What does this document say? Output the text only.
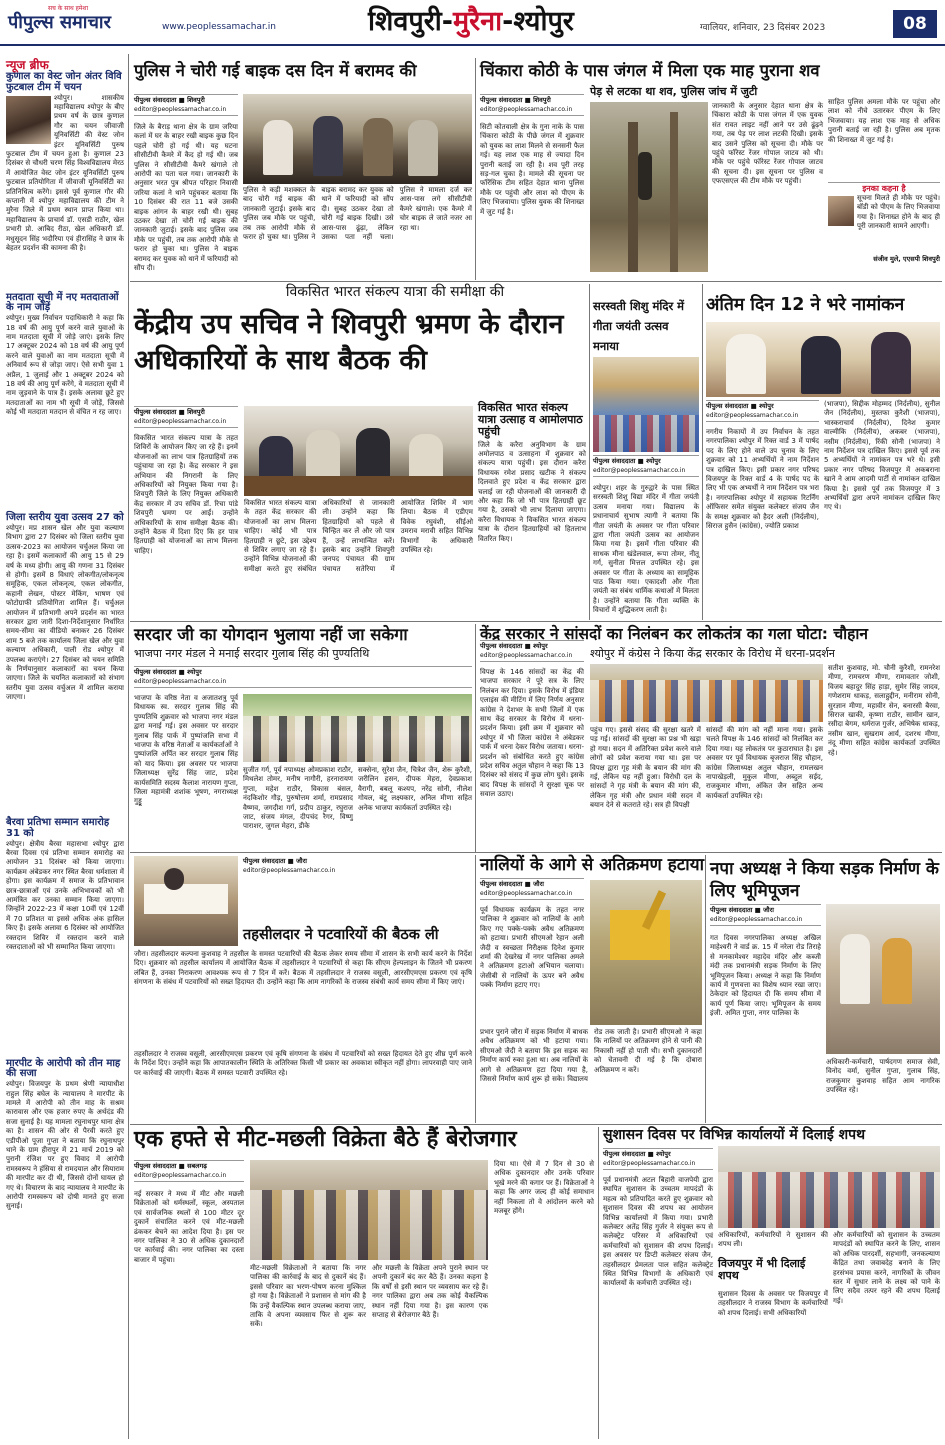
सच के साथ हमेशा
पीपुल्स समाचार	www.peoplessamachar.in	शिवपुरी-मुरैना-श्योपुर	ग्वालियर, शनिवार, 23 दिसंबर 2023	08
न्यूज ब्रीफ
कुणाल का वेस्ट जोन अंतर विवि फुटबाल टीम में चयन
श्योपुर। शासकीय महाविद्यालय श्योपुर के बीए प्रथम वर्ष के छात्र कुणाल गौर का चयन जीवाजी यूनिवर्सिटी की वेस्ट जोन इंटर यूनिवर्सिटी पुरुष फुटबाल टीम में चयन हुआ है। कुणाल 23 दिसंबर से चौधरी चरण सिंह विश्वविद्यालय मेरठ में आयोजित वेस्ट जोन इंटर यूनिवर्सिटी पुरुष फुटबाल प्रतियोगिता में जीवाजी यूनिवर्सिटी का प्रतिनिधित्व करेंगे। इससे पूर्व कुणाल गौर की कप्तानी में श्योपुर महाविद्यालय की टीम ने मुरैना जिले में प्रथम स्थान प्राप्त किया था। महाविद्यालय के प्राचार्य डॉ. एसडी राठौर, खेल प्रभारी प्रो. आबिद रीठा, खेल अधिकारी डॉ. मधुसूदन सिंह भदौरिया एवं हीरासिंह ने छात्र के बेहतर प्रदर्शन की कामना की है।
मतदाता सूची में नए मतदाताओं के नाम जोड़ें
श्योपुर। मुख्य निर्वाचन पदाधिकारी ने कहा कि 18 वर्ष की आयु पूर्ण करने वाले युवाओं के नाम मतदाता सूची में जोड़े जाएं। इसके लिए 17 अक्टूबर 2024 को 18 वर्ष की आयु पूर्ण करने वाले युवाओं का नाम मतदाता सूची में अनिवार्य रूप से जोड़ा जाए। ऐसे सभी युवा 1 अप्रैल, 1 जुलाई और 1 अक्टूबर 2024 को 18 वर्ष की आयु पूर्ण करेंगे, वे मतदाता सूची में नाम जुड़वाने के पात्र हैं। इसके अलावा छूटे हुए मतदाताओं का नाम भी सूची में जोड़ें, जिससे कोई भी मतदाता मतदान से वंचित न रह जाए।
जिला स्तरीय युवा उत्सव 27 को
श्योपुर। मप्र शासन खेल और युवा कल्याण विभाग द्वारा 27 दिसंबर को जिला स्तरीय युवा उत्सव-2023 का आयोजन चर्चुअल किया जा रहा है। इसमें कलाकारों की आयु 15 से 29 वर्ष के मध्य होगी। आयु की गणना 31 दिसंबर से होगी। इसमें 8 विधाएं लोकगीत/लोकनृत्य समूहिक, एकल लोकनृत्य, एकल लोकगीत, कहानी लेखन, पोस्टर मेकिंग, भाषण एवं फोटोग्राफी प्रतियोगिता शामिल हैं। चर्चुअल आयोजन में प्रतिभागी अपने प्रदर्शन का भारत सरकार द्वारा जारी दिशा-निर्देशानुसार निर्धारित समय-सीमा का वीडियो बनाकर 26 दिसंबर शाम 5 बजे तक कार्यालय जिला खेल और युवा कल्याण अधिकारी, पाली रोड श्योपुर में उपलब्ध कराएंगे। 27 दिसंबर को चयन समिति के निर्णयानुसार कलाकारों का चयन किया जाएगा। जिले के चयनित कलाकारों को संभाग स्तरीय युवा उत्सव वर्चुअल में शामिल कराया जाएगा।
बैरवा प्रतिभा सम्मान समारोह 31 को
श्योपुर। क्षेत्रीय बैरवा महासभा श्योपुर द्वारा बैरवा दिवस एवं प्रतिभा सम्मान समारोह का आयोजन 31 दिसंबर को किया जाएगा। कार्यक्रम अंबेडकर नगर स्थित बैरवा धर्मशाला में होगा। इस कार्यक्रम में समाज के प्रतिभावान छात्र-छात्राओं एवं उनके अभिभावकों को भी आमंत्रित कर उनका सम्मान किया जाएगा। जिन्होंने 2022-23 में कक्षा 10वीं एवं 12वीं में 70 प्रतिशत या इससे अधिक अंक हासिल किए हैं। इसके अलावा 6 दिसंबर को आयोजित रक्तदान शिविर में रक्तदान करने वाले रक्तदाताओं को भी सम्मानित किया जाएगा।
मारपीट के आरोपी को तीन माह की सजा
श्योपुर। विजयपुर के प्रथम श्रेणी न्यायाधीश राहुल सिंह बघेल के न्यायालय ने मारपीट के मामले में आरोपी को तीन माह के सश्रम कारावास और एक हजार रुपए के अर्थदंड की सजा सुनाई है। यह मामला रघुनाथपुर थाना क्षेत्र का है। शासन की ओर से पैरवी करते हुए एडीपीओ पूजा गुप्ता ने बताया कि रघुनाथपुर थाने के ग्राम हीरापुर में 21 मार्च 2019 को पुरानी रंजिश पर हुए विवाद में आरोपी रामस्वरूप ने हंसिया से रामदयाल और सियाराम की मारपीट कर दी थी, जिससे दोनों घायल हो गए थे। विचारण के बाद न्यायालय ने मारपीट के आरोपी रामस्वरूप को दोषी मानते हुए सजा सुनाई।
पुलिस ने चोरी गई बाइक दस दिन में बरामद की
पीपुल्स संवाददाता ■ शिवपुरी
editor@peoplessamachar.co.in
जिले के बैराड़ थाना क्षेत्र के ग्राम जरिया कलां में घर के बाहर रखी बाइक कुछ दिन पहले चोरी हो गई थी। यह घटना सीसीटीवी कैमरे में कैद हो गई थी। जब पुलिस ने सीसीटीवी कैमरे खंगाले तो आरोपी का पता चल गया। जानकारी के अनुसार भरत पुत्र श्रीपत परिहार निवासी जरिया कलां ने थाने पहुंचकर बताया कि 10 दिसंबर की रात 11 बजे उसकी बाइक आंगन के बाहर रखी थी। सुबह उठकर देखा तो चोरी गई बाइक की जानकारी जुटाई। इसके बाद पुलिस जब मौके पर पहुंची, तब तक आरोपी मौके से फरार हो चुका था। पुलिस ने बाइक बरामद कर युवक को थाने में फरियादी को सौंप दी।
पुलिस ने कड़ी मशक्कत के बाद चोरी गई बाइक की जानकारी जुटाई। इसके बाद पुलिस जब मौके पर पहुंची, तब तक आरोपी मौके से फरार हो चुका था। पुलिस ने बाइक बरामद कर युवक को थाने में फरियादी को सौंप दी। सुबह उठकर देखा तो चोरी गई बाइक दिखी। उसे आस-पास ढूंढ़ा, लेकिन उसका पता नहीं चला। पुलिस ने मामला दर्ज कर आस-पास लगे सीसीटीवी कैमरे खंगाले। एक कैमरे में चोर बाइक ले जाते नजर आ रहा था।
चिंकारा कोठी के पास जंगल में मिला एक माह पुराना शव
पेड़ से लटका था शव, पुलिस जांच में जुटी
पीपुल्स संवाददाता ■ शिवपुरी
editor@peoplessamachar.co.in
सिटी कोतवाली क्षेत्र के गुना नाके के पास चिंकारा कोठी के पीछे जंगल में शुक्रवार को युवक का लाश मिलने से सनसनी फैल गई। यह लाश एक माह से ज्यादा दिन पुरानी बताई जा रही है। शव पूरी तरह सड़-गल चुका है। मामले की सूचना पर फॉरेंसिक टीम सहित देहात थाना पुलिस मौके पर पहुंची और लाश को पीएम के लिए भिजवाया। पुलिस युवक की शिनाख्त में जुट गई है।
जानकारी के अनुसार देहात थाना क्षेत्र के चिंकारा कोठी के पास जंगल में एक युवक संत रावत लाइट नहीं आने पर उसे ढूंढ़ने गया, तब पेड़ पर लाश लटकी दिखी। इसके बाद उसने पुलिस को सूचना दी। मौके पर पहुंचे फॉरेस्ट रेंजर गोपाल जाटव को थी। मौके पर पहुंचे फॉरेस्ट रेंजर गोपाल जाटव की सूचना दी। इस सूचना पर पुलिस व एफएसएल की टीम मौके पर पहुंची।
साहित पुलिस अमला मौके पर पहुंचा और लाश को नीचे उतारकर पीएम के लिए भिजवाया। यह लाश एक माह से अधिक पुरानी बताई जा रही है। पुलिस अब मृतक की शिनाख्त में जुट गई है।
इनका कहना है
सूचना मिलते ही मौके पर पहुंचे। बॉडी को पीएम के लिए भिजवाया गया है। शिनाख्त होने के बाद ही पूरी जानकारी सामने आएगी।
संजीव मुले, एएसपी शिवपुरी
विकसित भारत संकल्प यात्रा की समीक्षा की
केंद्रीय उप सचिव ने शिवपुरी भ्रमण के दौरान अधिकारियों के साथ बैठक की
पीपुल्स संवाददाता ■ शिवपुरी
editor@peoplessamachar.co.in
विकसित भारत संकल्प यात्रा के तहत शिविरों के आयोजन किए जा रहे हैं। इनमें योजनाओं का लाभ पात्र हितग्राहियों तक पहुंचाया जा रहा है। केंद्र सरकार ने इस अभियान की निगरानी के लिए अधिकारियों को नियुक्त किया गया है। शिवपुरी जिले के लिए नियुक्त अधिकारी केंद्र सरकार में उप सचिव डॉ. रिचा पांडे शिवपुरी भ्रमण पर आईं। उन्होंने अधिकारियों के साथ समीक्षा बैठक की। उन्होंने बैठक में दिशा दिए कि हर पात्र हितग्राही को योजनाओं का लाभ मिलना चाहिए।
विकसित भारत संकल्प यात्रा के तहत केंद्र सरकार की योजनाओं का लाभ मिलना चाहिए। कोई भी पात्र हितग्राही न छूटे, इस उद्देश्य से शिविर लगाए जा रहे हैं। उन्होंने विभिन्न योजनाओं की समीक्षा करते हुए संबंधित अधिकारियों से जानकारी ली। उन्होंने कहा कि हितग्राहियों को पहले से चिन्हित कर लें और जो पात्र हैं, उन्हें लाभान्वित करें। इसके बाद उन्होंने शिवपुरी जनपद पंचायत की ग्राम पंचायत सतेरिया में आयोजित शिविर में भाग लिया। बैठक में एडीएम विवेक रघुवंशी, सीईओ उमराव मरावी सहित विभिन्न विभागों के अधिकारी उपस्थित रहे।
विकसित भारत संकल्प यात्रा उत्साह व आमोलपाठ पहुंची
जिले के करैरा अनुविभाग के ग्राम अमोलपाठ व उत्साहना में शुक्रवार को संकल्प यात्रा पहुंची। इस दौरान करैरा विधायक रमेश प्रसाद खटीक ने संकल्प दिलवाते हुए प्रदेश व केंद्र सरकार द्वारा चलाई जा रही योजनाओं की जानकारी दी और कहा कि जो भी पात्र हितग्राही छूट गया है, उसको भी लाभ दिलाया जाएगा। करैरा विधायक ने विकसित भारत संकल्प यात्रा के दौरान हितग्राहियों को हितलाभ वितरित किए।
सरस्वती शिशु मंदिर में गीता जयंती उत्सव मनाया
पीपुल्स संवाददाता ■ श्योपुर
editor@peoplessamachar.co.in
श्योपुर। शहर के गुरुद्वारे के पास स्थित सरस्वती शिशु विद्या मंदिर में गीता जयंती उत्सव मनाया गया। विद्यालय के प्रधानाचार्य सुभाष त्यागी ने बताया कि गीता जयंती के अवसर पर गीता परिवार द्वारा गीता जयंती उत्सव का आयोजन किया गया है। इसमें गीता परिवार की साधक मीना खंडेलवाल, रूपा तोमर, नीतू गर्ग, सुनीता मित्तल उपस्थित रहे। इस अवसर पर गीता के अध्याय का सामूहिक पाठ किया गया। एकादशी और गीता जयंती का संबंध धार्मिक कथाओं में मिलता है। उन्होंने बताया कि गीता व्यक्ति के विचारों में शुद्धिकरण लाती है।
अंतिम दिन 12 ने भरे नामांकन
पीपुल्स संवाददाता ■ श्योपुर
editor@peoplessamachar.co.in
नगरीय निकायों में उप निर्वाचन के तहत नगरपालिका श्योपुर में रिक्त वार्ड 3 में पार्षद पद के लिए होने वाले उप चुनाव के लिए शुक्रवार को 11 अभ्यर्थियों ने नाम निर्देशन पत्र दाखिल किए। इसी प्रकार नगर परिषद विजयपुर के रिक्त वार्ड 4 के पार्षद पद के लिए भी एक अभ्यर्थी ने नाम निर्देशन पत्र भरा है। नगरपालिका श्योपुर में सहायक रिटर्निंग ऑफिसर समेत संयुक्त कलेक्टर संजय जैन के समक्ष शुक्रवार को हैदर अली (निर्दलीय), सिराज हुसैन (कांग्रेस), ज्योति प्रकाश
(भाजपा), सिद्दीक मोहम्मद (निर्दलीय), सुनील जैन (निर्दलीय), मुस्तफा कुरैशी (भाजपा), भास्कराचार्य (निर्दलीय), दिनेश कुमार वाल्मीकि (निर्दलीय), अकबर (भाजपा), नसीम (निर्दलीय), रिंकी सोनी (भाजपा) ने नाम निर्देशन पत्र दाखिल किए। इससे पूर्व तक 5 अभ्यर्थियों ने नामांकन पत्र भरे थे। इसी प्रकार नगर परिषद विजयपुर में अकबराना खाने ने आम आदमी पार्टी से नामांकन दाखिल किया है। इससे पूर्व तक विजयपुर में 3 अभ्यर्थियों द्वारा अपने नामांकन दाखिल किए गए थे।
सरदार जी का योगदान भुलाया नहीं जा सकेगा
भाजपा नगर मंडल ने मनाई सरदार गुलाब सिंह की पुण्यतिथि
पीपुल्स संवाददाता ■ श्योपुर
editor@peoplessamachar.co.in
भाजपा के वरिष्ठ नेता व अजातशत्रु पूर्व विधायक स्व. सरदार गुलाब सिंह की पुण्यतिथि शुक्रवार को भाजपा नगर मंडल द्वारा मनाई गई। इस अवसर पर सरदार गुलाब सिंह पार्क में पुष्पांजलि सभा में भाजपा के वरिष्ठ नेताओं व कार्यकर्ताओं ने पुष्पांजलि अर्पित कर सरदार गुलाब सिंह को याद किया। इस अवसर पर भाजपा जिलाध्यक्ष सुरेंद्र सिंह जाट, प्रदेश कार्यसमिति सदस्य कैलाश नारायण गुप्ता, जिला महामंत्री शशांक भूषण, नगराध्यक्ष गुड्डू
सुजीत गर्ग, पूर्व नपाध्यक्ष ओमप्रकाश राठौर, मिथलेश तोमर, मनीष नागौरी, हरनारायण गुप्ता, महेश राठौर, विकास बंसल, नंदकिशोर गौड़, पुरुषोत्तम शर्मा, रामप्रसाद वैष्णव, जगदीश गर्ग, प्रदीप ठाकुर, रघुराज जाट, संजय मंगल, दीपचंद रैगर, विष्णु पाराशर, जुगल मेहरा, डीके
सक्सेना, सुरेश जैन, चित्रेश जैन, शेरू कुरैशी, जरीलिन हसन, दीपक मेहरा, देवप्रकाश वैरागी, बबलू कश्यप, नरेंद्र सोनी, नीलेश गोयल, बंटू लक्ष्यकार, अनिल मीणा सहित अनेक भाजपा कार्यकर्ता उपस्थित रहे।
केंद्र सरकार ने सांसदों का निलंबन कर लोकतंत्र का गला घोटा: चौहान
श्योपुर में कंग्रेस ने किया केंद्र सरकार के विरोध में धरना-प्रदर्शन
पीपुल्स संवाददाता ■ श्योपुर
editor@peoplessamachar.co.in
विपक्ष के 146 सांसदों का केंद्र की भाजपा सरकार ने पूरे सत्र के लिए निलंबन कर दिया। इसके विरोध में इंडिया एलाइंस की मीटिंग में लिए निर्णय अनुसार कांग्रेस ने देशभर के सभी जिलों में एक साथ केंद्र सरकार के विरोध में धरना-प्रदर्शन किया। इसी क्रम में शुक्रवार को श्योपुर में भी जिला कांग्रेस ने अंबेडकर पार्क में धरना देकर विरोध जताया। धरना-प्रदर्शन को संबोधित करते हुए कांग्रेस प्रदेश सचिव अतुल चौहान ने कहा कि 13 दिसंबर को संसद में कुछ लोग घुसे। इसके बाद विपक्ष के सांसदों ने सुरक्षा चूक पर सवाल उठाए।
पहुंच गए। इससे संसद की सुरक्षा खतरे में पड़ गई। सांसदों की सुरक्षा का प्रश्न भी खड़ा हो गया। सदन में अतिरिक्त प्रवेश करने वाले लोगों को प्रवेश कराया गया था। इस पर विपक्ष द्वारा गृह मंत्री के बयान की मांग की गई, लेकिन यह नहीं हुआ। विरोधी दल के सांसदों ने गृह मंत्री के बयान की मांग की, लेकिन गृह मंत्री और प्रधान मंत्री सदन में बयान देने से कतराते रहे। सत्र ही विपक्षी
सांसदों की मांग को नहीं माना गया। इसके चलते विपक्ष के 146 सांसदों को निलंबित कर दिया गया। यह लोकतंत्र पर कुठाराघात है। इस अवसर पर पूर्व विधायक बृजराज सिंह चौहान, कांग्रेस जिलाध्यक्ष अतुल चौहान, रामलखन नापाखेड़ली, मुकुल मीणा, अब्दुल सईद, राजकुमार मीणा, अंकित जैन सहित अन्य कार्यकर्ता उपस्थित रहे।
सतीश कुशवाह, मो. चौनी कुरैशी, रामनरेश मीणा, रामचरण मीणा, रामावतार जोशी, विजय बहादुर सिंह हाड़ा, सुमेर सिंह जादव, गणेशराम धाकड़, सलाहुद्दीन, मनीराम सोनी, सुरज्ञान मीणा, महावीर सेन, बनारसी बैरवा, सिराज खाकी, कृष्णा राठौर, सामीन खान, रसीदा बेगम, धर्मराज गुर्जर, अभिषेक धाकड़, नसीम खान, सुखराम आर्य, दशरथ मीणा, नंदू मीणा सहित कांग्रेस कार्यकर्ता उपस्थित रहे।
तहसीलदार ने पटवारियों की बैठक ली
पीपुल्स संवाददाता ■ जौरा
editor@peoplessamachar.co.in
जौरा। तहसीलदार कल्पना कुशवाह ने तहसील के समस्त पटवारियों की बैठक लेकर समय सीमा में शासन के सभी कार्य करने के निर्देश दिए। शुक्रवार को तहसील कार्यालय में आयोजित बैठक में तहसीलदार ने पटवारियों से कहा कि सीएम हेल्पलाइन के जितने भी प्रकरण लंबित हैं, उनका निराकरण आवश्यक रूप से 7 दिन में करें। बैठक में तहसीलदार ने राजस्व वसूली, आरसीएमएस प्रकरण एवं कृषि संगणना के संबंध में पटवारियों को सख्त हिदायत दी। उन्होंने कहा कि आम नागरिकों के राजस्व संबंधी कार्य समय सीमा में किए जाएं।
तहसीलदार ने राजस्व वसूली, आरसीएमएस प्रकरण एवं कृषि संगणना के संबंध में पटवारियों को सख्त हिदायत देते हुए शीघ्र पूर्ण करने के निर्देश दिए। उन्होंने कहा कि आपातकालीन स्थिति के अतिरिक्त किसी भी प्रकार का अवकाश स्वीकृत नहीं होगा। लापरवाही पाए जाने पर कार्रवाई की जाएगी। बैठक में समस्त पटवारी उपस्थित रहे।
नालियों के आगे से अतिक्रमण हटाया
पीपुल्स संवाददाता ■ जौरा
editor@peoplessamachar.co.in
पूर्व विधायक कार्यक्रम के तहत नगर पालिका ने शुक्रवार को नालियों के आगे किए गए पक्के-पक्के अवैध अतिक्रमण को हटाया। प्रभारी सीएमओ रेहान अली जैदी व स्वच्छता निरीक्षक दिनेश कुमार शर्मा की देखरेख में नगर पालिका अमले ने अतिक्रमण हटाओ अभियान चलाया। जेसीबी से नालियों के ऊपर बने अवैध पक्के निर्माण हटाए गए।
प्रभार पुराने जौरा में सड़क निर्माण में बाधक अवैध अतिक्रमण को भी हटाया गया। सीएमओ जैदी ने बताया कि इस सड़क का निर्माण कार्य रुका हुआ था। अब नालियों के आगे से अतिक्रमण हटा दिया गया है, जिससे निर्माण कार्य शुरू हो सके। विद्यालय रोड तक जाती है। प्रभारी सीएमओ ने कहा कि नालियों पर अतिक्रमण होने से पानी की निकासी नहीं हो पाती थी। सभी दुकानदारों को चेतावनी दी गई है कि दोबारा अतिक्रमण न करें।
नपा अध्यक्ष ने किया सड़क निर्माण के लिए भूमिपूजन
पीपुल्स संवाददाता ■ जौरा
editor@peoplessamachar.co.in
गत दिवस नगरपालिका अध्यक्ष अखिल माहेश्वरी ने वार्ड क्र. 15 में नरेला रोड तिराहे से मनकामेश्वर महादेव मंदिर और कब्जी मंदी तक प्रधानमंत्री सड़क निर्माण के लिए भूमिपूजन किया। अध्यक्ष ने कहा कि निर्माण कार्य में गुणवत्ता का विशेष ध्यान रखा जाए। ठेकेदार को हिदायत दी कि समय सीमा में कार्य पूर्ण किया जाए। भूमिपूजन के समय इंजी. अमित गुप्ता, नगर पालिका के
अधिकारी-कर्मचारी, पार्षदगण समाज सेवी, विनोद वर्मा, सुनील गुप्ता, गुलाब सिंह, राजकुमार कुशवाह सहित आम नागरिक उपस्थित रहे।
एक हफ्ते से मीट-मछली विक्रेता बैठे हैं बेरोजगार
पीपुल्स संवाददाता ■ सबलगढ़
editor@peoplessamachar.co.in
नई सरकार ने मध्य में मीट और मछली विक्रेताओं को धर्मस्थलों, स्कूल, अस्पताल एवं सार्वजनिक स्थलों से 100 मीटर दूर दुकानें संचालित करने एवं मीट-मछली ढंककर बेचने का आदेश दिया है। इस पर नगर पालिका ने 30 से अधिक दुकानदारों पर कार्रवाई की। नगर पालिका का दस्ता बाजार में पहुंचा।
मीट-मछली विक्रेताओं ने बताया कि नगर पालिका की कार्रवाई के बाद से दुकानें बंद हैं। इससे परिवार का भरण-पोषण करना मुश्किल हो गया है। विक्रेताओं ने प्रशासन से मांग की है कि उन्हें वैकल्पिक स्थान उपलब्ध कराया जाए, ताकि वे अपना व्यवसाय फिर से शुरू कर सकें।
और मछली के विक्रेता अपने पुराने स्थान पर अपनी दुकानें बंद कर बैठे हैं। उनका कहना है कि वर्षों से इसी स्थान पर व्यवसाय कर रहे हैं। नगर पालिका द्वारा अब तक कोई वैकल्पिक स्थान नहीं दिया गया है। इस कारण एक सप्ताह से बेरोजगार बैठे हैं।
दिया था। ऐसे में 7 दिन से 30 से अधिक दुकानदार और उनके परिवार भूखे मरने की कगार पर हैं। विक्रेताओं ने कहा कि अगर जल्द ही कोई समाधान नहीं निकला तो वे आंदोलन करने को मजबूर होंगे।
सुशासन दिवस पर विभिन्न कार्यालयों में दिलाई शपथ
पीपुल्स संवाददाता ■ श्योपुर
editor@peoplessamachar.co.in
पूर्व प्रधानमंत्री अटल बिहारी वाजपेयी द्वारा स्थापित सुशासन के उच्चतम मापदंडों के महत्व को प्रतिपादित करते हुए शुक्रवार को सुशासन दिवस की शपथ का आयोजन विभिन्न कार्यालयों में किया गया। प्रभारी कलेक्टर अतेंद्र सिंह गुर्जर ने संयुक्त रूप से कलेक्ट्रेट परिसर में अधिकारियों एवं कर्मचारियों को सुशासन की शपथ दिलाई। इस अवसर पर डिप्टी कलेक्टर संजय जैन, तहसीलदार प्रेमलता पाल सहित कलेक्ट्रेट स्थित विभिन्न विभागों के अधिकारी एवं कार्यालयों के कर्मचारी उपस्थित रहे।
अधिकारियों, कर्मचारियों ने सुशासन की शपथ ली।
विजयपुर में भी दिलाई शपथ
सुशासन दिवस के अवसर पर विजयपुर में तहसीलदार ने राजस्व विभाग के कर्मचारियों को शपथ दिलाई। सभी अधिकारियों
और कर्मचारियों को सुशासन के उच्चतम मापदंडों को स्थापित करने के लिए, शासन को अधिक पारदर्शी, सहभागी, जनकल्याण केंद्रित तथा जवाबदेह बनाने के लिए हरसंभव प्रयास करने, नागरिकों के जीवन स्तर में सुधार लाने के लक्ष्य को पाने के लिए सदैव तत्पर रहने की शपथ दिलाई गई।
